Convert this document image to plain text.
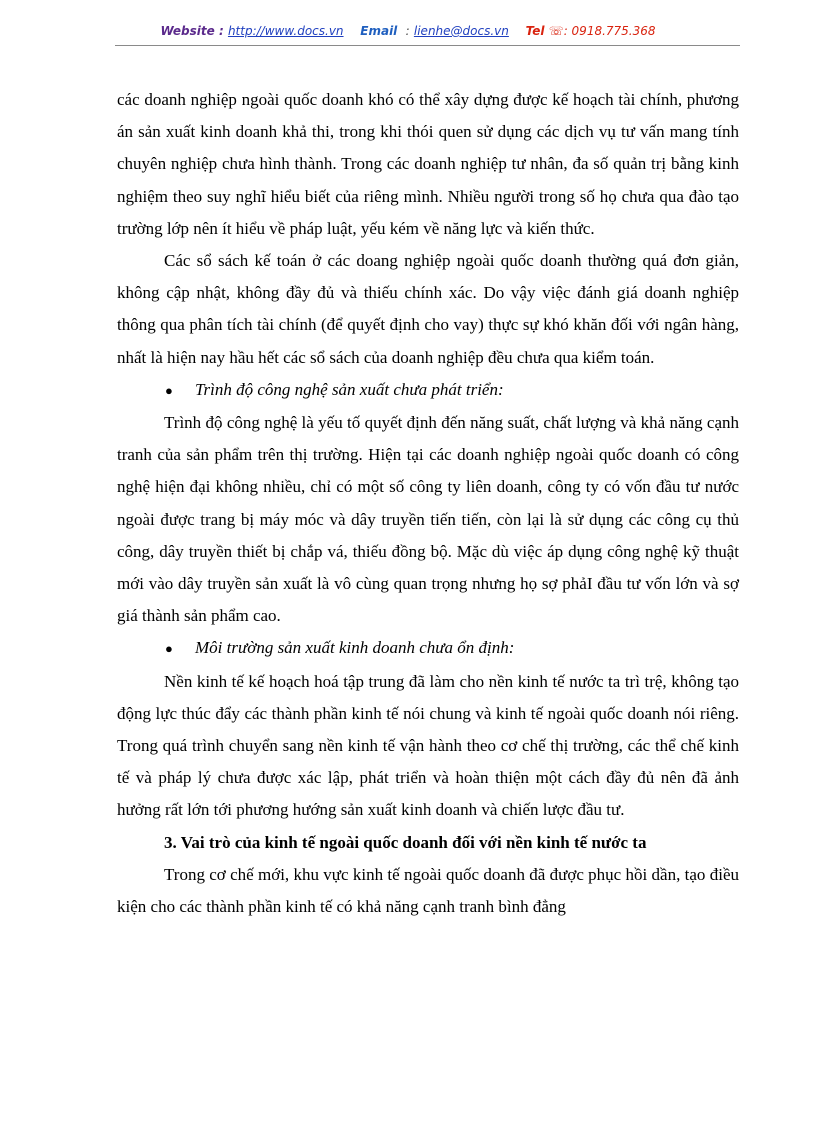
Website : http://www.docs.vn Email : lienhe@docs.vn Tel ☏: 0918.775.368

các doanh nghiệp ngoài quốc doanh khó có thể xây dựng được kế hoạch tài chính, phương án sản xuất kinh doanh khả thi, trong khi thói quen sử dụng các dịch vụ tư vấn mang tính chuyên nghiệp chưa hình thành. Trong các doanh nghiệp tư nhân, đa số quản trị bằng kinh nghiệm theo suy nghĩ hiểu biết của riêng mình. Nhiều người trong số họ chưa qua đào tạo trường lớp nên ít hiểu về pháp luật, yếu kém về năng lực và kiến thức.

Các sổ sách kế toán ở các doang nghiệp ngoài quốc doanh thường quá đơn giản, không cập nhật, không đầy đủ và thiếu chính xác. Do vậy việc đánh giá doanh nghiệp thông qua phân tích tài chính (để quyết định cho vay) thực sự khó khăn đối với ngân hàng, nhất là hiện nay hầu hết các sổ sách của doanh nghiệp đều chưa qua kiểm toán.

●	Trình độ công nghệ sản xuất chưa phát triển:

Trình độ công nghệ là yếu tố quyết định đến năng suất, chất lượng và khả năng cạnh tranh của sản phẩm trên thị trường. Hiện tại các doanh nghiệp ngoài quốc doanh có công nghệ hiện đại không nhiều, chỉ có một số công ty liên doanh, công ty có vốn đầu tư nước ngoài được trang bị máy móc và dây truyền tiến tiến, còn lại là sử dụng các công cụ thủ công, dây truyền thiết bị chắp vá, thiếu đồng bộ. Mặc dù việc áp dụng công nghệ kỹ thuật mới vào dây truyền sản xuất là vô cùng quan trọng nhưng họ sợ phảI đầu tư vốn lớn và sợ giá thành sản phẩm cao.

●	Môi trường sản xuất kinh doanh chưa ổn định:

Nền kinh tế kế hoạch hoá tập trung đã làm cho nền kinh tế nước ta trì trệ, không tạo động lực thúc đẩy các thành phần kinh tế nói chung và kinh tế ngoài quốc doanh nói riêng. Trong quá trình chuyển sang nền kinh tế vận hành theo cơ chế thị trường, các thể chế kinh tế và pháp lý chưa được xác lập, phát triển và hoàn thiện một cách đầy đủ nên đã ảnh hưởng rất lớn tới phương hướng sản xuất kinh doanh và chiến lược đầu tư.

3. Vai trò của kinh tế ngoài quốc doanh đối với nền kinh tế nước ta

Trong cơ chế mới, khu vực kinh tế ngoài quốc doanh đã được phục hồi dần, tạo điều kiện cho các thành phần kinh tế có khả năng cạnh tranh bình đẳng
